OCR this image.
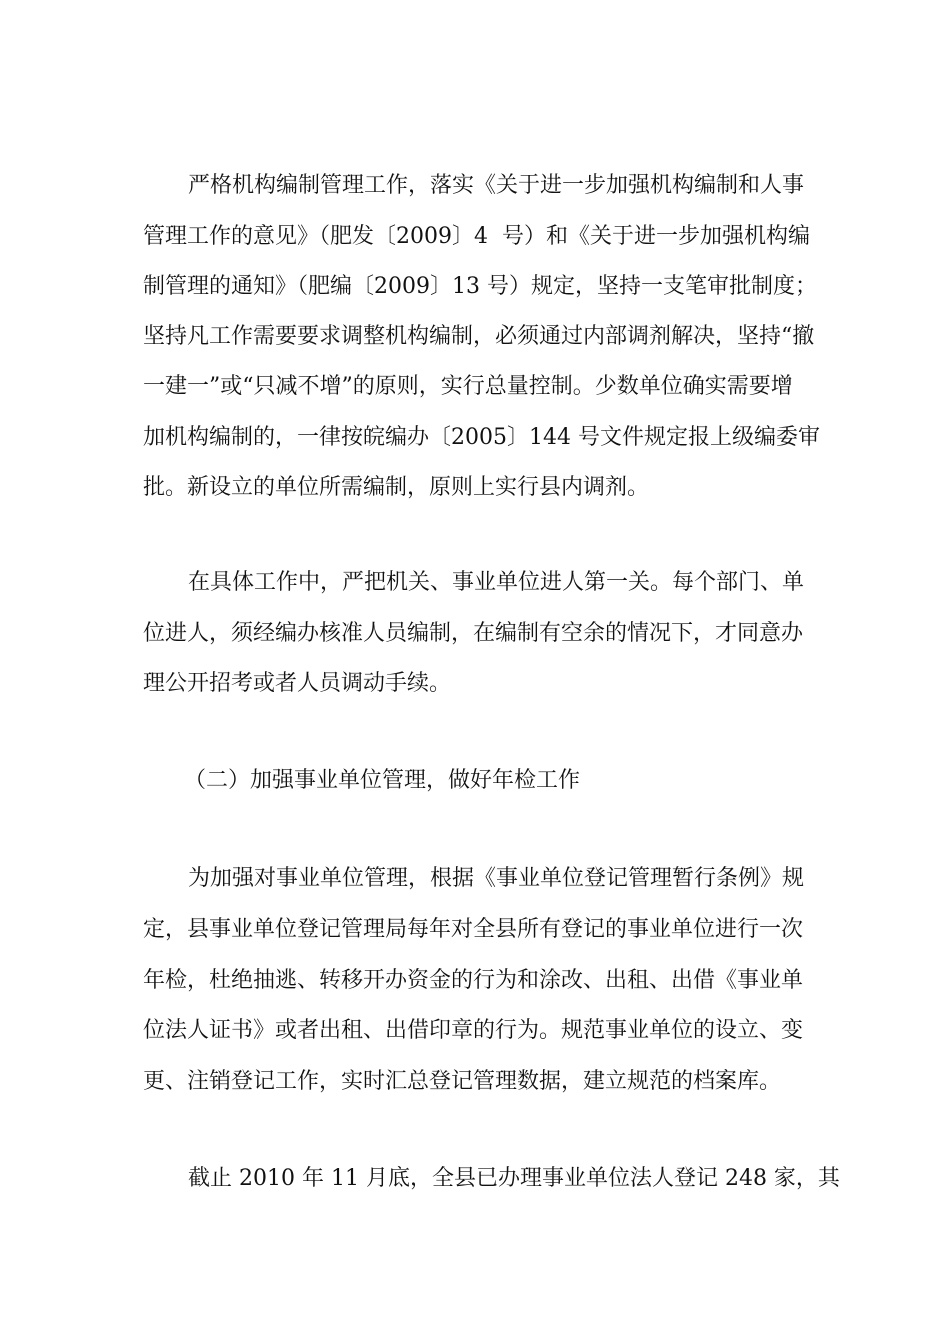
严格机构编制管理工作，落实《关于进一步加强机构编制和人事
管理工作的意见》（肥发〔2009〕4  号）和《关于进一步加强机构编
制管理的通知》（肥编〔2009〕13 号）规定，坚持一支笔审批制度；
坚持凡工作需要要求调整机构编制，必须通过内部调剂解决，坚持“撤
一建一”或“只减不增”的原则，实行总量控制。少数单位确实需要增
加机构编制的，一律按皖编办〔2005〕144 号文件规定报上级编委审
批。新设立的单位所需编制，原则上实行县内调剂。
在具体工作中，严把机关、事业单位进人第一关。每个部门、单
位进人，须经编办核准人员编制，在编制有空余的情况下，才同意办
理公开招考或者人员调动手续。
（二）加强事业单位管理，做好年检工作
为加强对事业单位管理，根据《事业单位登记管理暂行条例》规
定，县事业单位登记管理局每年对全县所有登记的事业单位进行一次
年检，杜绝抽逃、转移开办资金的行为和涂改、出租、出借《事业单
位法人证书》或者出租、出借印章的行为。规范事业单位的设立、变
更、注销登记工作，实时汇总登记管理数据，建立规范的档案库。
截止 2010 年 11 月底，全县已办理事业单位法人登记 248 家，其
